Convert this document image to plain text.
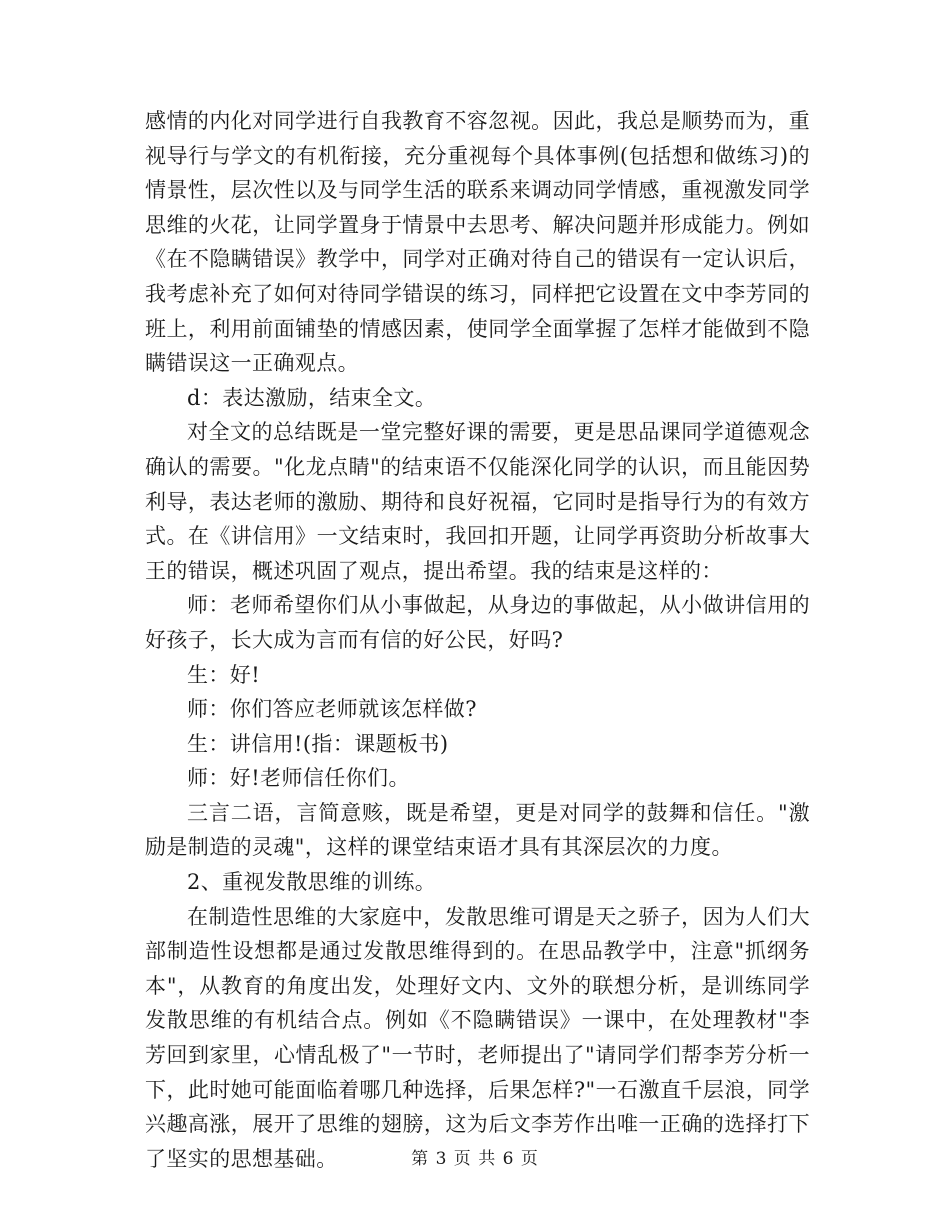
感情的内化对同学进行自我教育不容忽视。因此，我总是顺势而为，重视导行与学文的有机衔接，充分重视每个具体事例(包括想和做练习)的情景性，层次性以及与同学生活的联系来调动同学情感，重视激发同学思维的火花，让同学置身于情景中去思考、解决问题并形成能力。例如《在不隐瞒错误》教学中，同学对正确对待自己的错误有一定认识后，我考虑补充了如何对待同学错误的练习，同样把它设置在文中李芳同的班上，利用前面铺垫的情感因素，使同学全面掌握了怎样才能做到不隐瞒错误这一正确观点。

d：表达激励，结束全文。

对全文的总结既是一堂完整好课的需要，更是思品课同学道德观念确认的需要。"化龙点睛"的结束语不仅能深化同学的认识，而且能因势利导，表达老师的激励、期待和良好祝福，它同时是指导行为的有效方式。在《讲信用》一文结束时，我回扣开题，让同学再资助分析故事大王的错误，概述巩固了观点，提出希望。我的结束是这样的：

师：老师希望你们从小事做起，从身边的事做起，从小做讲信用的好孩子，长大成为言而有信的好公民，好吗?

生：好!

师：你们答应老师就该怎样做?

生：讲信用!(指：课题板书)

师：好!老师信任你们。

三言二语，言简意赅，既是希望，更是对同学的鼓舞和信任。"激励是制造的灵魂"，这样的课堂结束语才具有其深层次的力度。

2、重视发散思维的训练。

在制造性思维的大家庭中，发散思维可谓是天之骄子，因为人们大部制造性设想都是通过发散思维得到的。在思品教学中，注意"抓纲务本"，从教育的角度出发，处理好文内、文外的联想分析，是训练同学发散思维的有机结合点。例如《不隐瞒错误》一课中，在处理教材"李芳回到家里，心情乱极了"一节时，老师提出了"请同学们帮李芳分析一下，此时她可能面临着哪几种选择，后果怎样?"一石激直千层浪，同学兴趣高涨，展开了思维的翅膀，这为后文李芳作出唯一正确的选择打下了坚实的思想基础。	第 3 页 共 6 页
